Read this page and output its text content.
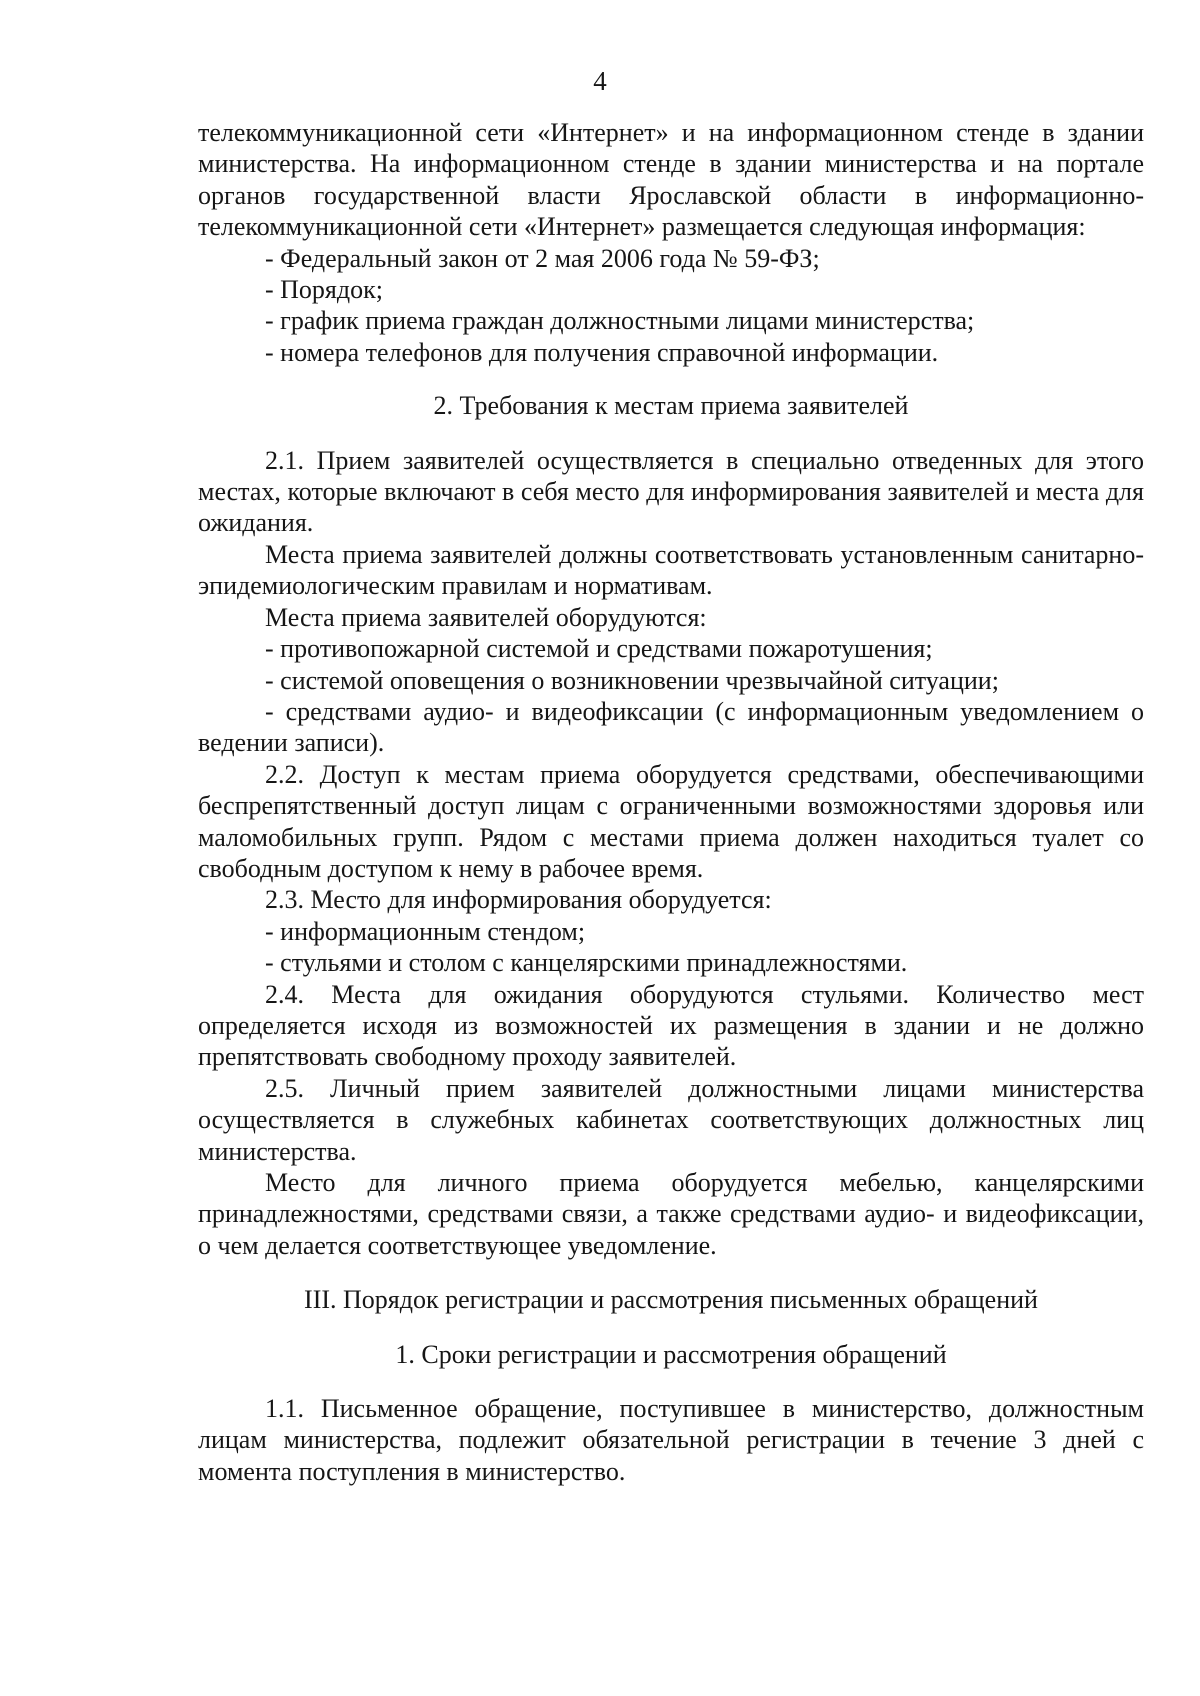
4

телекоммуникационной сети «Интернет» и на информационном стенде в здании министерства. На информационном стенде в здании министерства и на портале органов государственной власти Ярославской области в информационно-телекоммуникационной сети «Интернет» размещается следующая информация:

- Федеральный закон от 2 мая 2006 года № 59-ФЗ;

- Порядок;

- график приема граждан должностными лицами министерства;

- номера телефонов для получения справочной информации.

2. Требования к местам приема заявителей

2.1. Прием заявителей осуществляется в специально отведенных для этого местах, которые включают в себя место для информирования заявителей и места для ожидания.

Места приема заявителей должны соответствовать установленным санитарно-эпидемиологическим правилам и нормативам.

Места приема заявителей оборудуются:

- противопожарной системой и средствами пожаротушения;

- системой оповещения о возникновении чрезвычайной ситуации;

- средствами аудио- и видеофиксации (с информационным уведомлением о ведении записи).

2.2. Доступ к местам приема оборудуется средствами, обеспечивающими беспрепятственный доступ лицам с ограниченными возможностями здоровья или маломобильных групп. Рядом с местами приема должен находиться туалет со свободным доступом к нему в рабочее время.

2.3. Место для информирования оборудуется:

- информационным стендом;

- стульями и столом с канцелярскими принадлежностями.

2.4. Места для ожидания оборудуются стульями. Количество мест определяется исходя из возможностей их размещения в здании и не должно препятствовать свободному проходу заявителей.

2.5. Личный прием заявителей должностными лицами министерства осуществляется в служебных кабинетах соответствующих должностных лиц министерства.

Место для личного приема оборудуется мебелью, канцелярскими принадлежностями, средствами связи, а также средствами аудио- и видеофиксации, о чем делается соответствующее уведомление.

III. Порядок регистрации и рассмотрения письменных обращений

1. Сроки регистрации и рассмотрения обращений

1.1. Письменное обращение, поступившее в министерство, должностным лицам министерства, подлежит обязательной регистрации в течение 3 дней с момента поступления в министерство.
